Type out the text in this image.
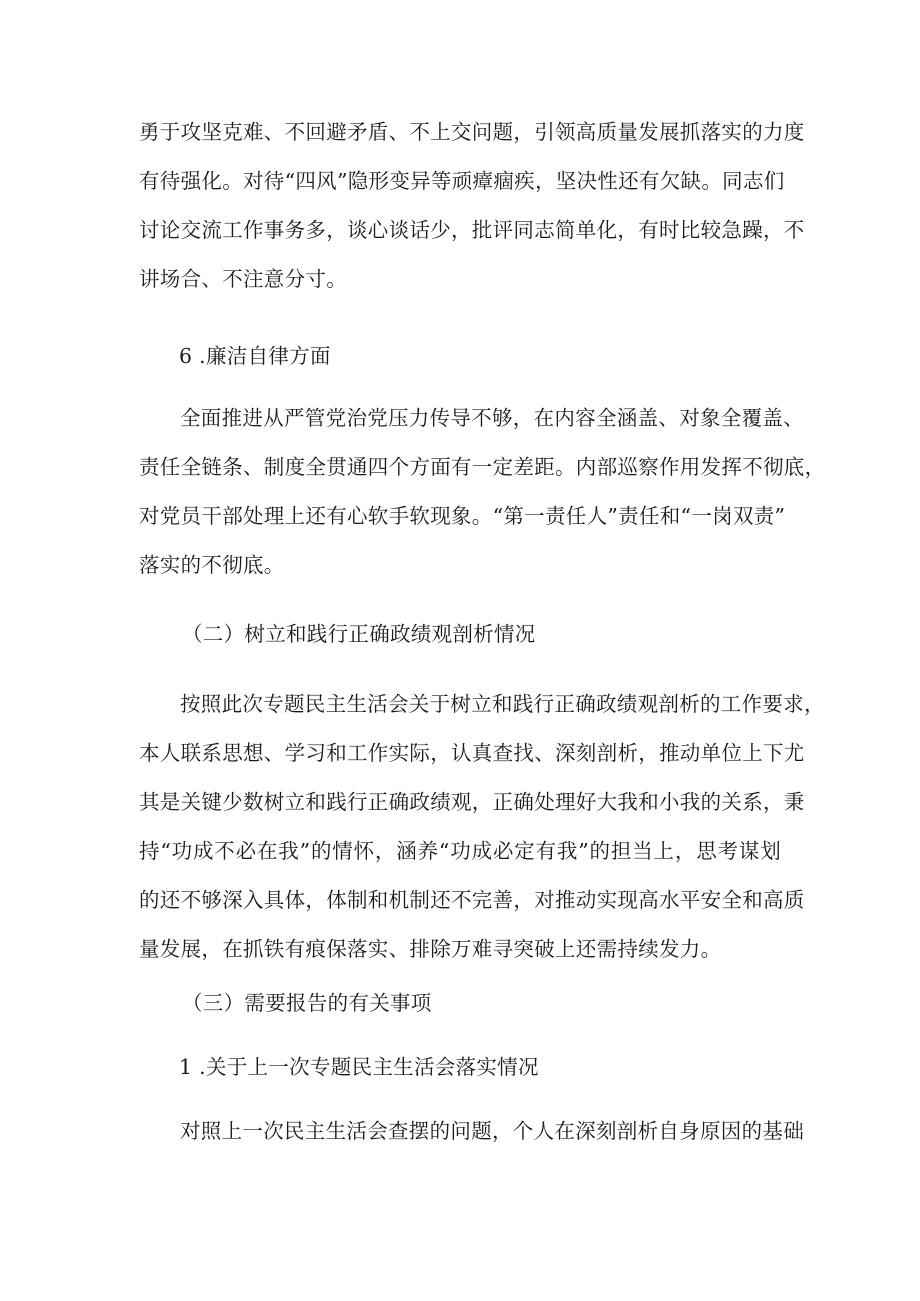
勇于攻坚克难、不回避矛盾、不上交问题，引领高质量发展抓落实的力度
有待强化。对待“四风”隐形变异等顽瘴痼疾，坚决性还有欠缺。同志们
讨论交流工作事务多，谈心谈话少，批评同志简单化，有时比较急躁，不
讲场合、不注意分寸。
6 .廉洁自律方面
全面推进从严管党治党压力传导不够，在内容全涵盖、对象全覆盖、
责任全链条、制度全贯通四个方面有一定差距。内部巡察作用发挥不彻底，
对党员干部处理上还有心软手软现象。“第一责任人”责任和“一岗双责”
落实的不彻底。
（二）树立和践行正确政绩观剖析情况
按照此次专题民主生活会关于树立和践行正确政绩观剖析的工作要求，
本人联系思想、学习和工作实际，认真查找、深刻剖析，推动单位上下尤
其是关键少数树立和践行正确政绩观，正确处理好大我和小我的关系，秉
持“功成不必在我”的情怀，涵养“功成必定有我”的担当上，思考谋划
的还不够深入具体，体制和机制还不完善，对推动实现高水平安全和高质
量发展，在抓铁有痕保落实、排除万难寻突破上还需持续发力。
（三）需要报告的有关事项
1 .关于上一次专题民主生活会落实情况
对照上一次民主生活会查摆的问题，个人在深刻剖析自身原因的基础
